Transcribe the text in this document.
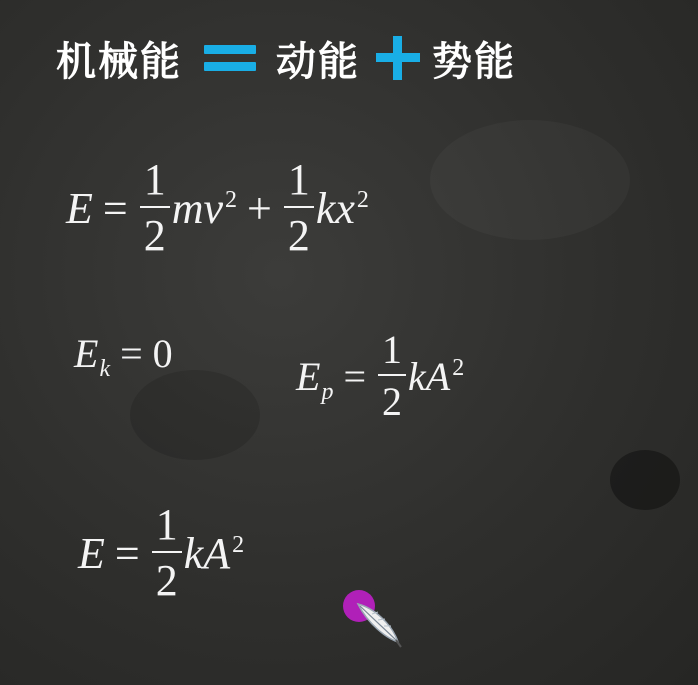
机械能 动能 势能
$E = \frac{1}{2} mv^2 + \frac{1}{2} kx^2$
$E_k = 0$	$E_p = \frac{1}{2} kA^2$
$E = \frac{1}{2} kA^2$
